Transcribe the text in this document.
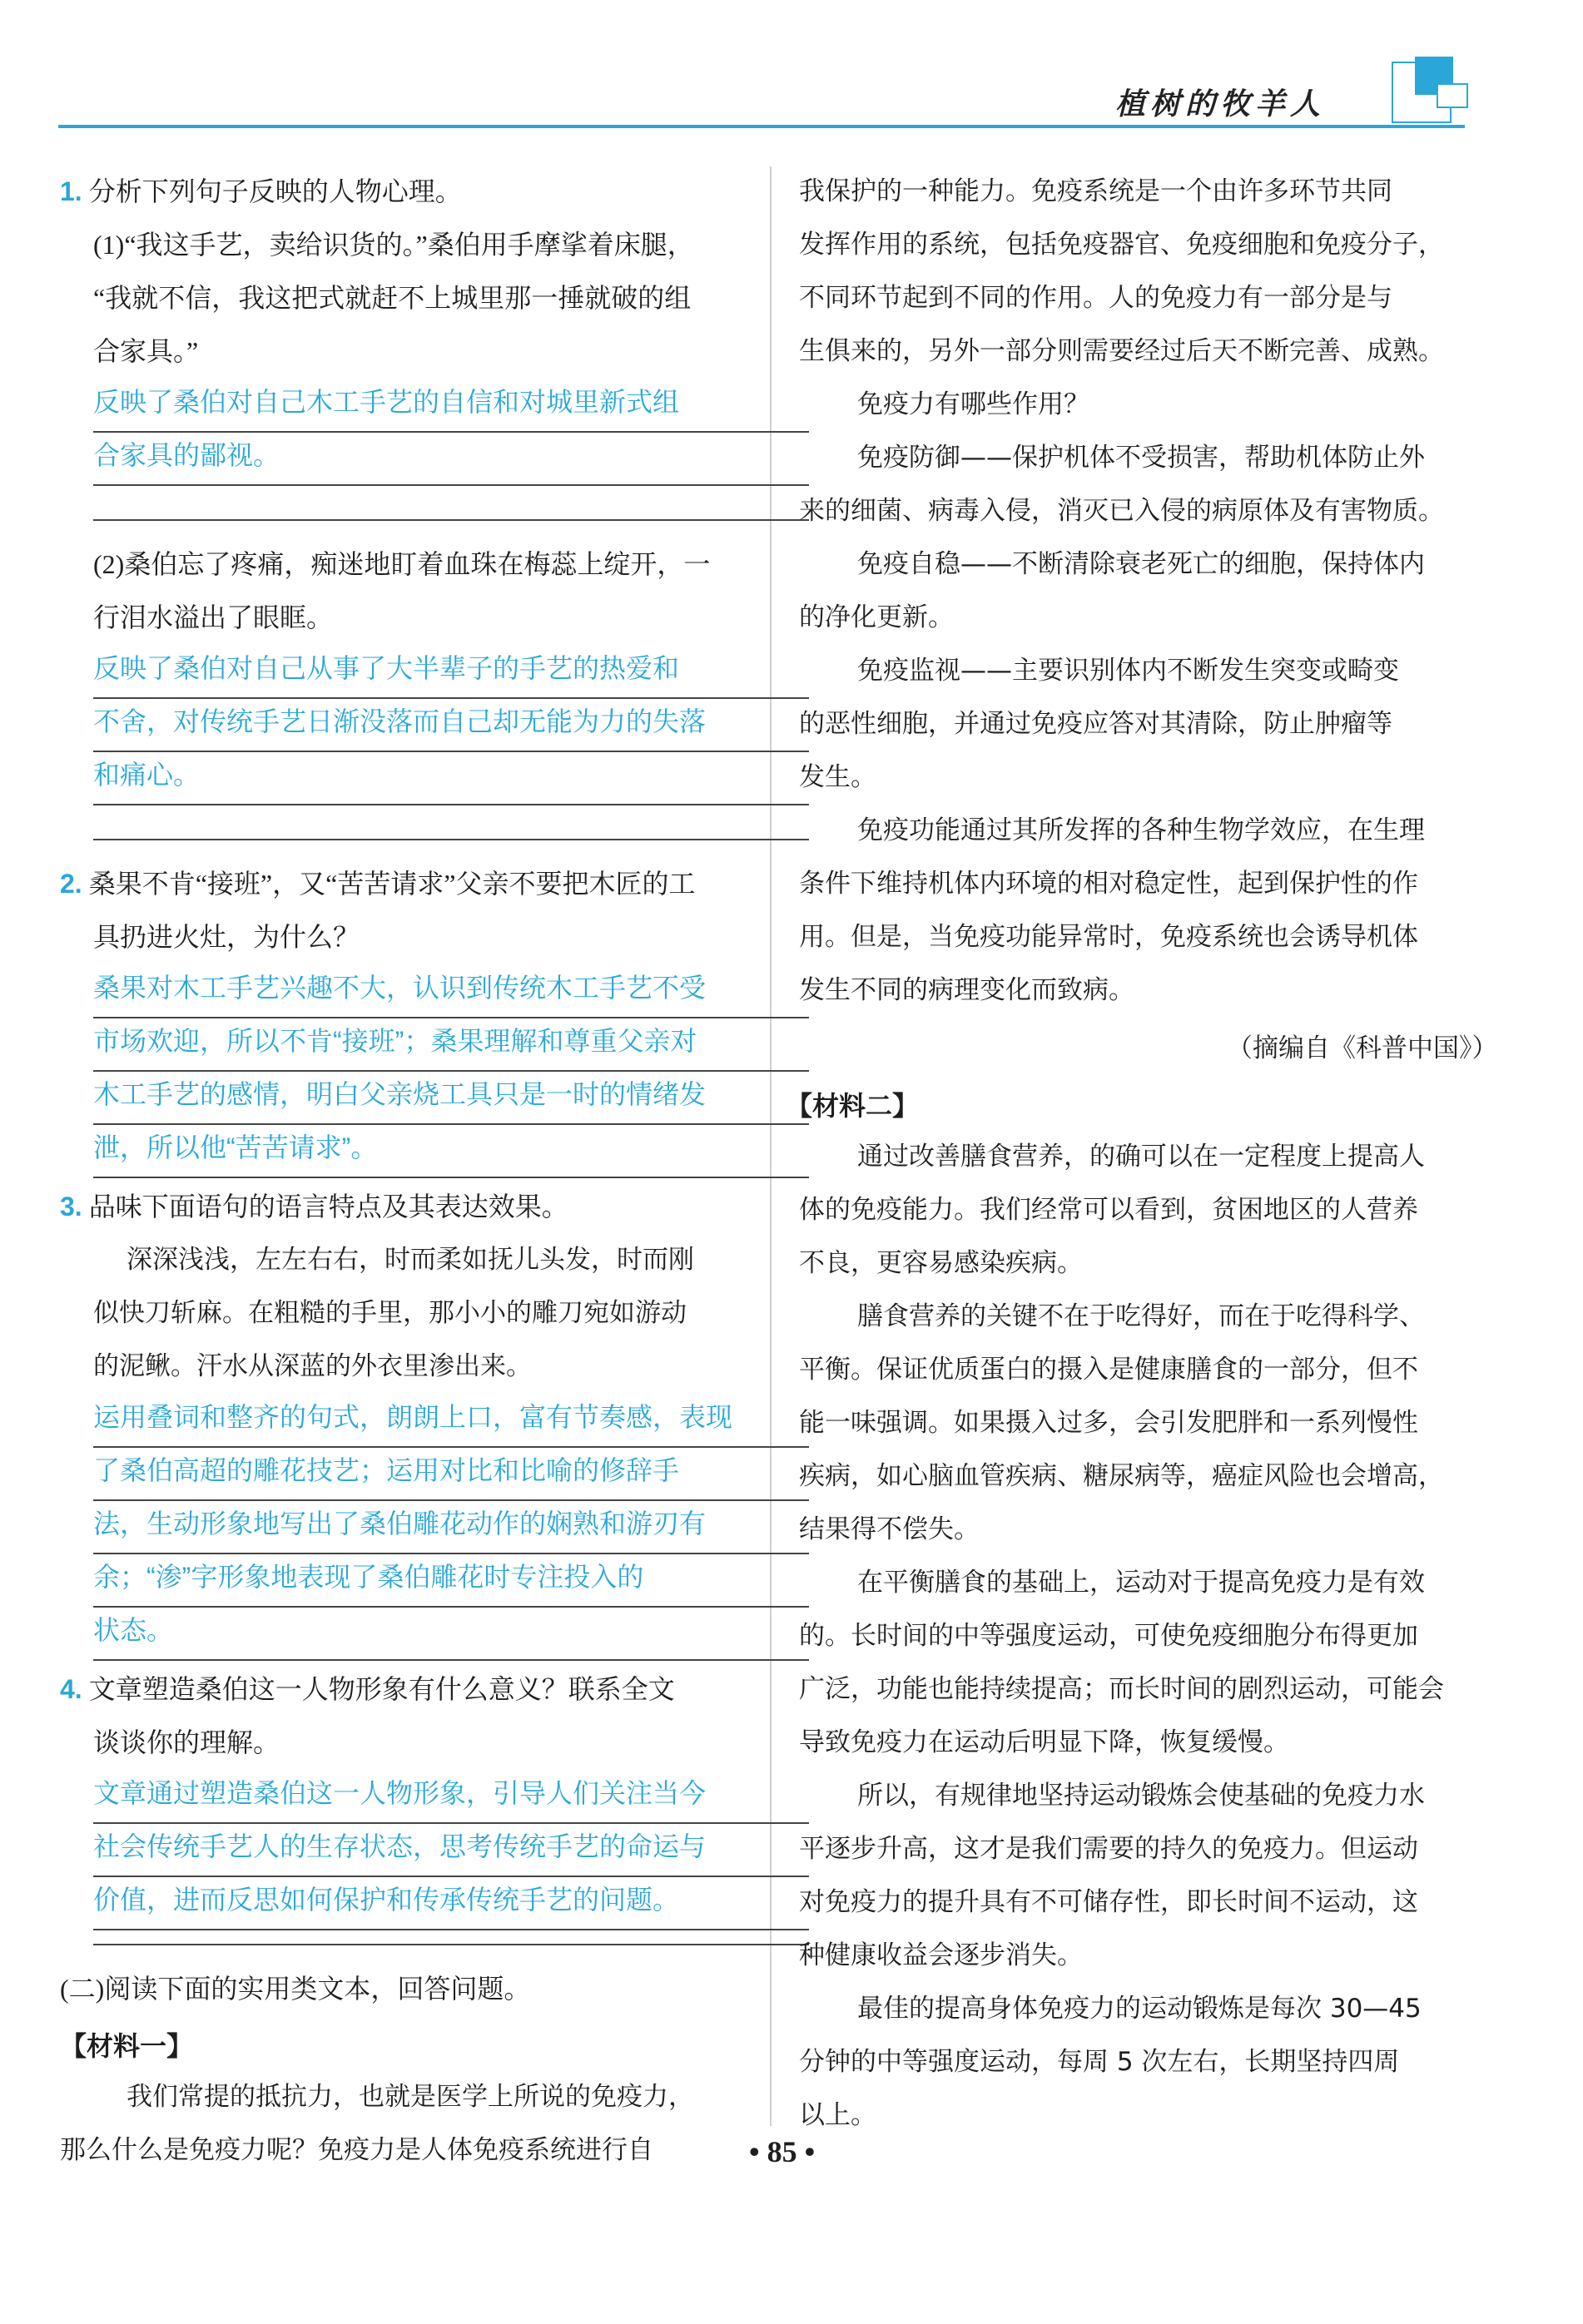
植树的牧羊人
1. 分析下列句子反映的人物心理。
(1)“我这手艺，卖给识货的。”桑伯用手摩挲着床腿，
“我就不信，我这把式就赶不上城里那一捶就破的组
合家具。”
反映了桑伯对自己木工手艺的自信和对城里新式组
合家具的鄙视。
(2)桑伯忘了疼痛，痴迷地盯着血珠在梅蕊上绽开，一
行泪水溢出了眼眶。
反映了桑伯对自己从事了大半辈子的手艺的热爱和
不舍，对传统手艺日渐没落而自己却无能为力的失落
和痛心。
2. 桑果不肯“接班”，又“苦苦请求”父亲不要把木匠的工
具扔进火灶，为什么？
桑果对木工手艺兴趣不大，认识到传统木工手艺不受
市场欢迎，所以不肯“接班”；桑果理解和尊重父亲对
木工手艺的感情，明白父亲烧工具只是一时的情绪发
泄，所以他“苦苦请求”。
3. 品味下面语句的语言特点及其表达效果。
深深浅浅，左左右右，时而柔如抚儿头发，时而刚
似快刀斩麻。在粗糙的手里，那小小的雕刀宛如游动
的泥鳅。汗水从深蓝的外衣里渗出来。
运用叠词和整齐的句式，朗朗上口，富有节奏感，表现
了桑伯高超的雕花技艺；运用对比和比喻的修辞手
法，生动形象地写出了桑伯雕花动作的娴熟和游刃有
余；“渗”字形象地表现了桑伯雕花时专注投入的
状态。
4. 文章塑造桑伯这一人物形象有什么意义？联系全文
谈谈你的理解。
文章通过塑造桑伯这一人物形象，引导人们关注当今
社会传统手艺人的生存状态，思考传统手艺的命运与
价值，进而反思如何保护和传承传统手艺的问题。
(二)阅读下面的实用类文本，回答问题。
【材料一】
我们常提的抵抗力，也就是医学上所说的免疫力，
那么什么是免疫力呢？免疫力是人体免疫系统进行自
我保护的一种能力。免疫系统是一个由许多环节共同
发挥作用的系统，包括免疫器官、免疫细胞和免疫分子，
不同环节起到不同的作用。人的免疫力有一部分是与
生俱来的，另外一部分则需要经过后天不断完善、成熟。
免疫力有哪些作用？
免疫防御——保护机体不受损害，帮助机体防止外
来的细菌、病毒入侵，消灭已入侵的病原体及有害物质。
免疫自稳——不断清除衰老死亡的细胞，保持体内
的净化更新。
免疫监视——主要识别体内不断发生突变或畸变
的恶性细胞，并通过免疫应答对其清除，防止肿瘤等
发生。
免疫功能通过其所发挥的各种生物学效应，在生理
条件下维持机体内环境的相对稳定性，起到保护性的作
用。但是，当免疫功能异常时，免疫系统也会诱导机体
发生不同的病理变化而致病。
（摘编自《科普中国》）
【材料二】
通过改善膳食营养，的确可以在一定程度上提高人
体的免疫能力。我们经常可以看到，贫困地区的人营养
不良，更容易感染疾病。
膳食营养的关键不在于吃得好，而在于吃得科学、
平衡。保证优质蛋白的摄入是健康膳食的一部分，但不
能一味强调。如果摄入过多，会引发肥胖和一系列慢性
疾病，如心脑血管疾病、糖尿病等，癌症风险也会增高，
结果得不偿失。
在平衡膳食的基础上，运动对于提高免疫力是有效
的。长时间的中等强度运动，可使免疫细胞分布得更加
广泛，功能也能持续提高；而长时间的剧烈运动，可能会
导致免疫力在运动后明显下降，恢复缓慢。
所以，有规律地坚持运动锻炼会使基础的免疫力水
平逐步升高，这才是我们需要的持久的免疫力。但运动
对免疫力的提升具有不可储存性，即长时间不运动，这
种健康收益会逐步消失。
最佳的提高身体免疫力的运动锻炼是每次 30—45
分钟的中等强度运动，每周 5 次左右，长期坚持四周
以上。
• 85 •
